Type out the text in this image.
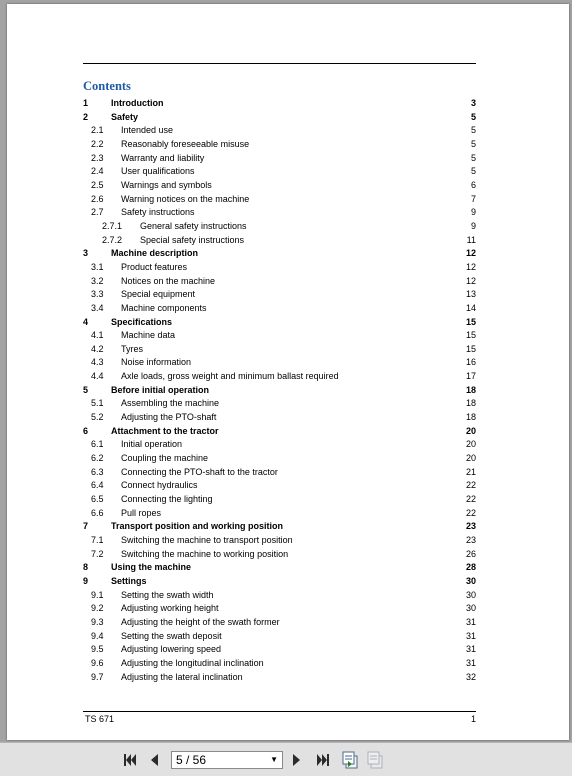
Contents
1	Introduction	3
2	Safety	5
2.1 Intended use	5
2.2 Reasonably foreseeable misuse	5
2.3 Warranty and liability	5
2.4 User qualifications	5
2.5 Warnings and symbols	6
2.6 Warning notices on the machine	7
2.7 Safety instructions	9
2.7.1 General safety instructions	9
2.7.2 Special safety instructions	11
3	Machine description	12
3.1 Product features	12
3.2 Notices on the machine	12
3.3 Special equipment	13
3.4 Machine components	14
4	Specifications	15
4.1 Machine data	15
4.2 Tyres	15
4.3 Noise information	16
4.4 Axle loads, gross weight and minimum ballast required	17
5	Before initial operation	18
5.1 Assembling the machine	18
5.2 Adjusting the PTO-shaft	18
6	Attachment to the tractor	20
6.1 Initial operation	20
6.2 Coupling the machine	20
6.3 Connecting the PTO-shaft to the tractor	21
6.4 Connect hydraulics	22
6.5 Connecting the lighting	22
6.6 Pull ropes	22
7	Transport position and working position	23
7.1 Switching the machine to transport position	23
7.2 Switching the machine to working position	26
8	Using the machine	28
9	Settings	30
9.1 Setting the swath width	30
9.2 Adjusting working height	30
9.3 Adjusting the height of the swath former	31
9.4 Setting the swath deposit	31
9.5 Adjusting lowering speed	31
9.6 Adjusting the longitudinal inclination	31
9.7 Adjusting the lateral inclination	32
TS 671	1
5 / 56	▼
